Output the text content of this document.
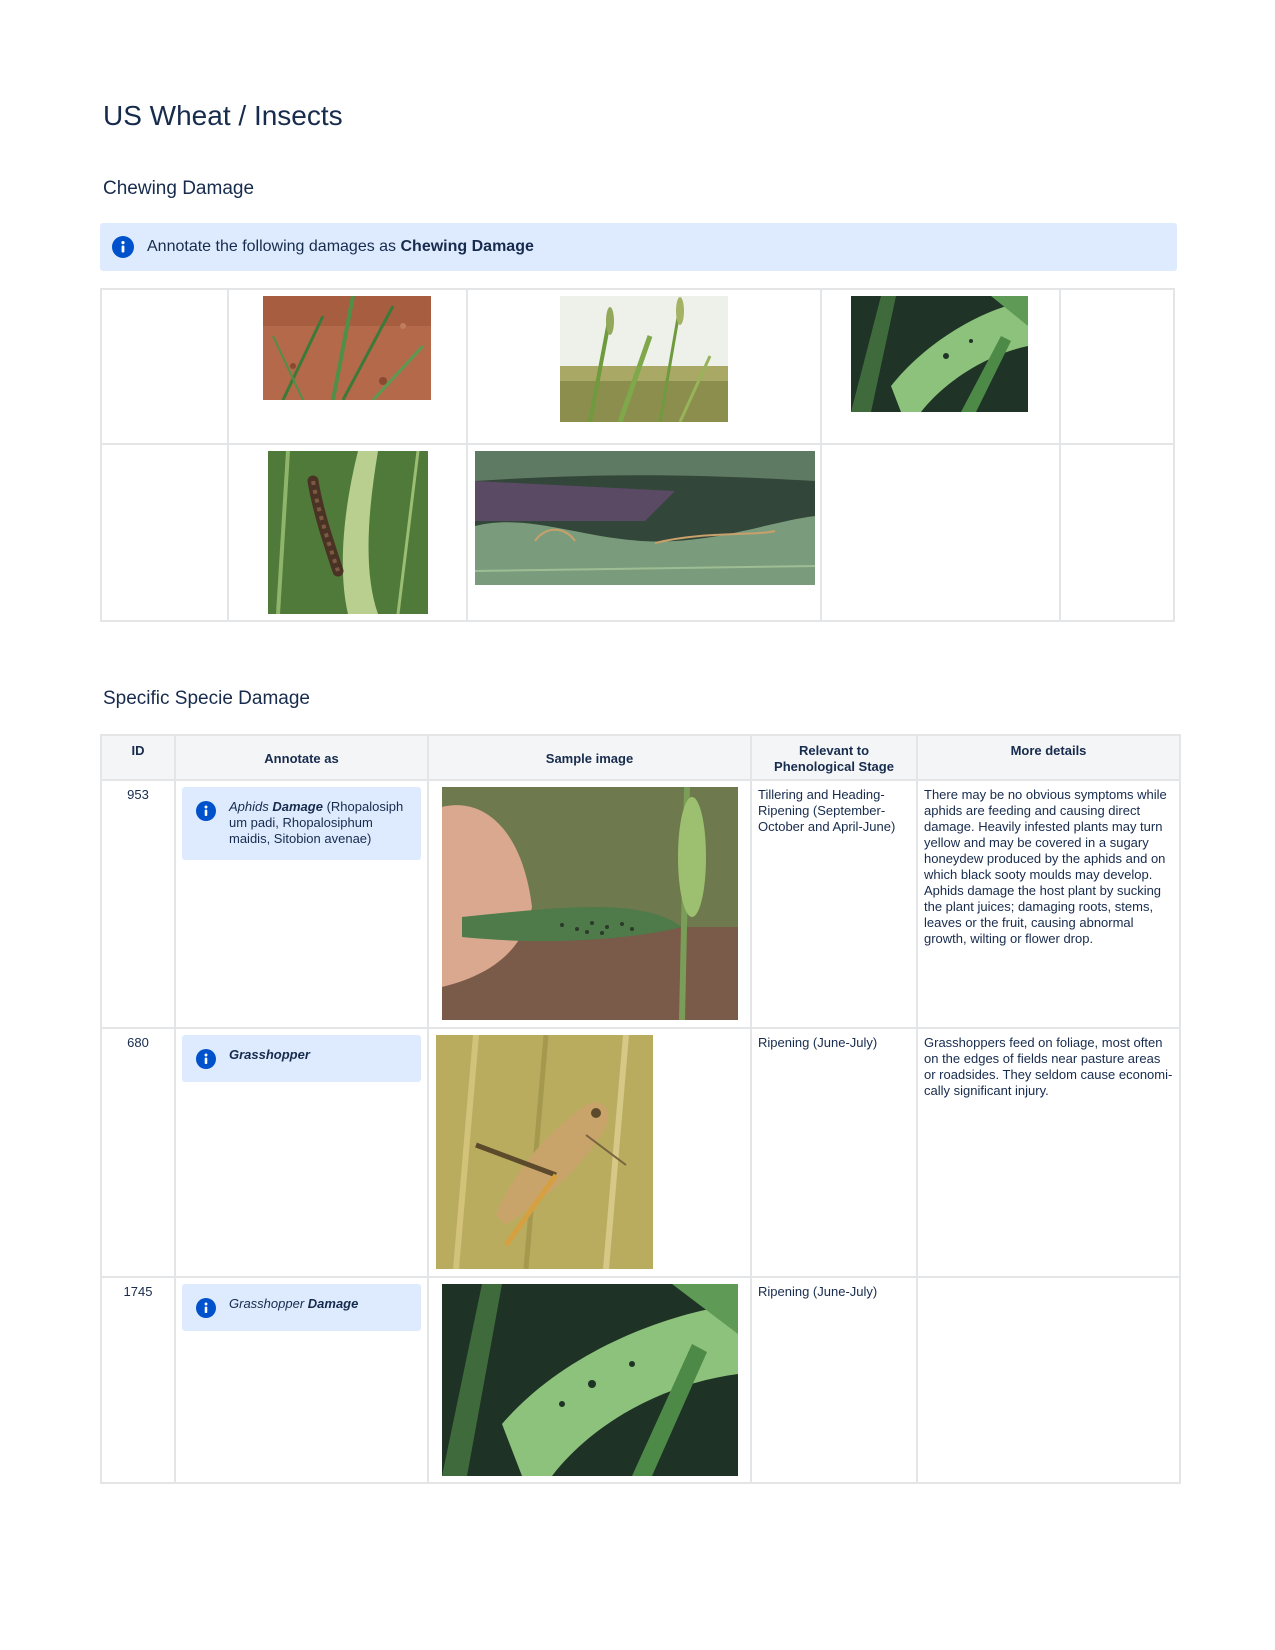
US Wheat / Insects
Chewing Damage
Annotate the following damages as Chewing Damage

Specific Specie Damage
ID	Annotate as	Sample image	Relevant to Phenological Stage	More details
953	Aphids Damage (Rhopalosiph um padi, Rhopalosiphum maidis, Sitobion avenae)		Tillering and Heading-Ripening (September-October and April-June)	There may be no obvious symptoms while aphids are feeding and causing direct damage. Heavily infested plants may turn yellow and may be covered in a sugary honeydew produced by the aphids and on which black sooty moulds may develop. Aphids damage the host plant by sucking the plant juices; damaging roots, stems, leaves or the fruit, causing abnormal growth, wilting or flower drop.
680	Grasshopper		Ripening (June-July)	Grasshoppers feed on foliage, most often on the edges of fields near pasture areas or roadsides. They seldom cause economi-cally significant injury.
1745	Grasshopper Damage		Ripening (June-July)	
